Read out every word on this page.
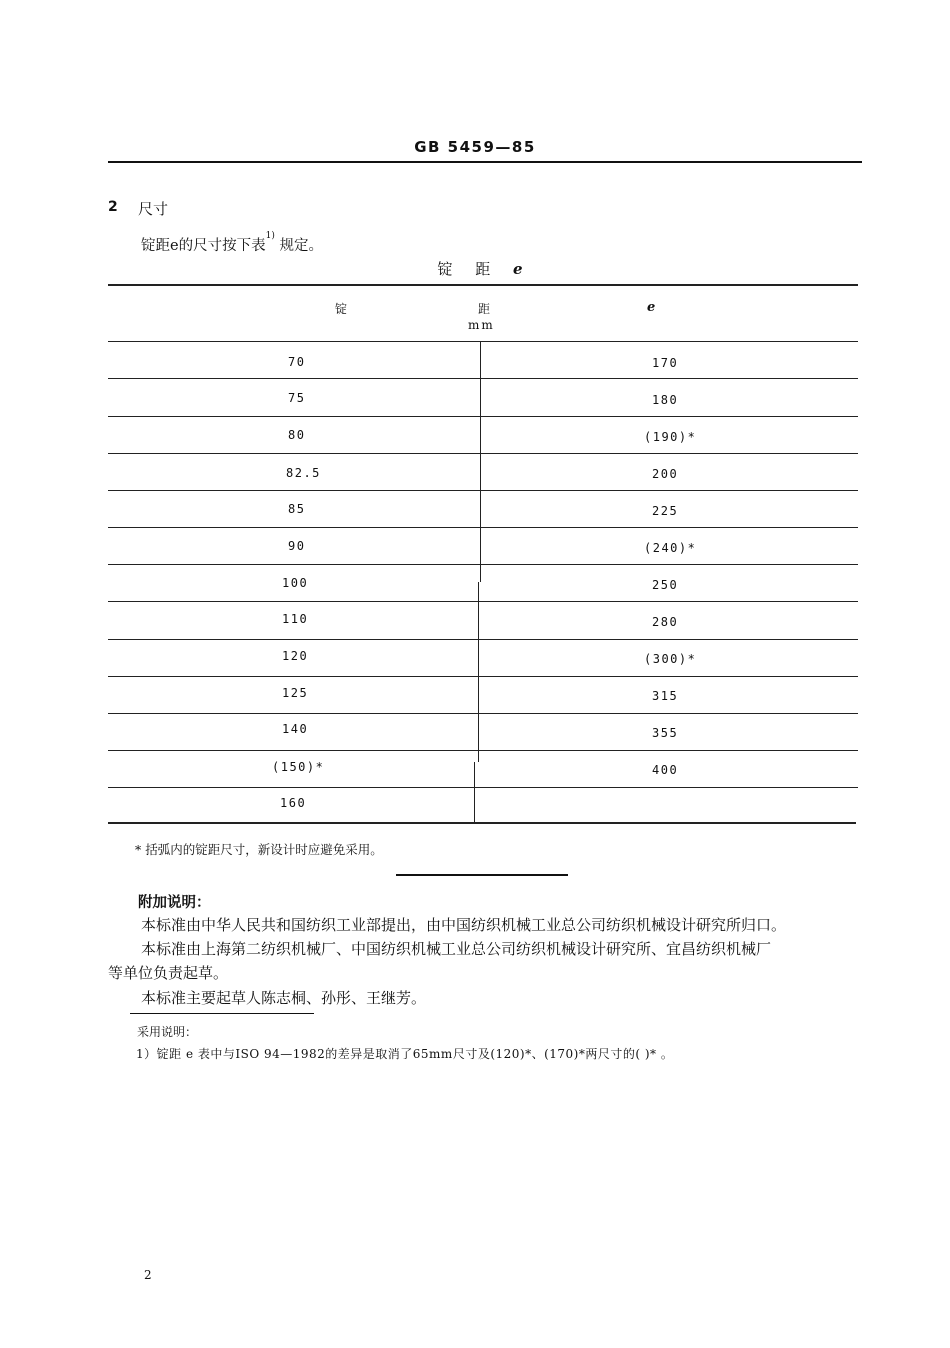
GB 5459—85
2 尺寸
锭距e的尺寸按下表$^{1)}$ 规定。
锭 距 e
锭	距
mm
e
70	170
75	180
80	(190)*
82.5	200
85	225
90	(240)*
100	250
110	280
120	(300)*
125	315
140	355
(150)*	400
160
* 括弧内的锭距尺寸，新设计时应避免采用。
附加说明：
本标准由中华人民共和国纺织工业部提出，由中国纺织机械工业总公司纺织机械设计研究所归口。
本标准由上海第二纺织机械厂、中国纺织机械工业总公司纺织机械设计研究所、宜昌纺织机械厂
等单位负责起草。
本标准主要起草人陈志桐、孙彤、王继芳。
采用说明：
1）锭距 e 表中与ISO 94—1982的差异是取消了65mm尺寸及(120)*、(170)*两尺寸的( )* 。
2
